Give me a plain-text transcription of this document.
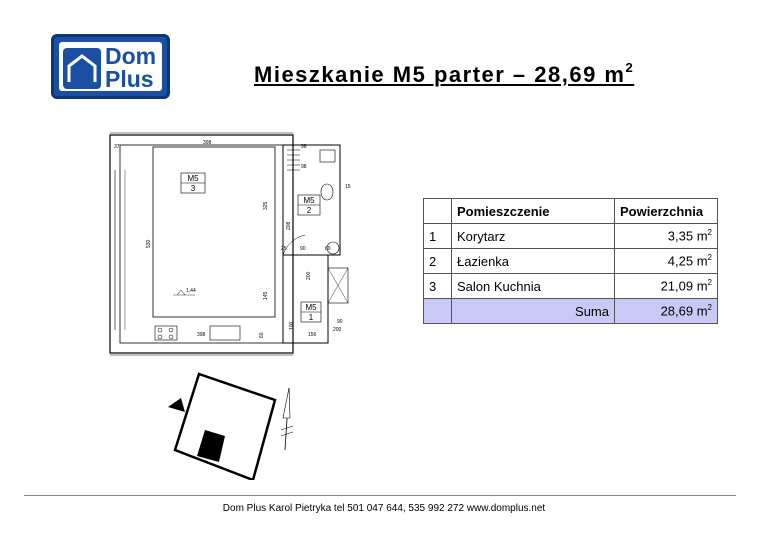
Dom
Plus	Mieszkanie M5 parter – 28,69 $m^2$
M5
3
M5
2
M5
1
1,44
37
398
530
325
145
208
25	90
200
98
98
60
15
398	60
100
156
90
200
	Pomieszczenie	Powierzchnia
1	Korytarz	3,35 $m^2$
2	Łazienka	4,25 $m^2$
3	Salon Kuchnia	21,09 $m^2$
	Suma	28,69 $m^2$
Dom Plus Karol Pietryka tel 501 047 644, 535 992 272 www.domplus.net
